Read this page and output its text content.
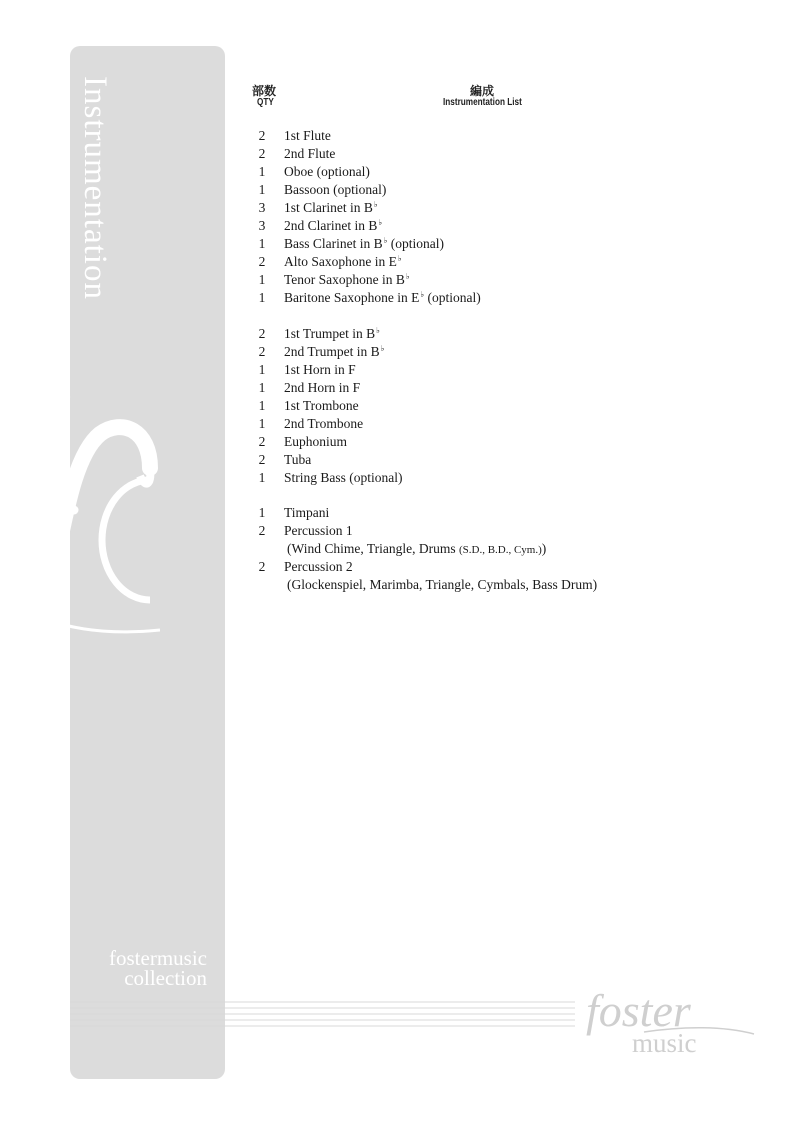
Instrumentation
fostermusic
collection
foster
music
部数
QTY
編成
Instrumentation List
2 1st Flute
2 2nd Flute
1 Oboe (optional)
1 Bassoon (optional)
3 1st Clarinet in B♭
3 2nd Clarinet in B♭
1 Bass Clarinet in B♭ (optional)
2 Alto Saxophone in E♭
1 Tenor Saxophone in B♭
1 Baritone Saxophone in E♭ (optional)
2 1st Trumpet in B♭
2 2nd Trumpet in B♭
1 1st Horn in F
1 2nd Horn in F
1 1st Trombone
1 2nd Trombone
2 Euphonium
2 Tuba
1 String Bass (optional)
1 Timpani
2 Percussion 1
2 Percussion 2
(Wind Chime, Triangle, Drums (S.D., B.D., Cym.))
(Glockenspiel, Marimba, Triangle, Cymbals, Bass Drum)
